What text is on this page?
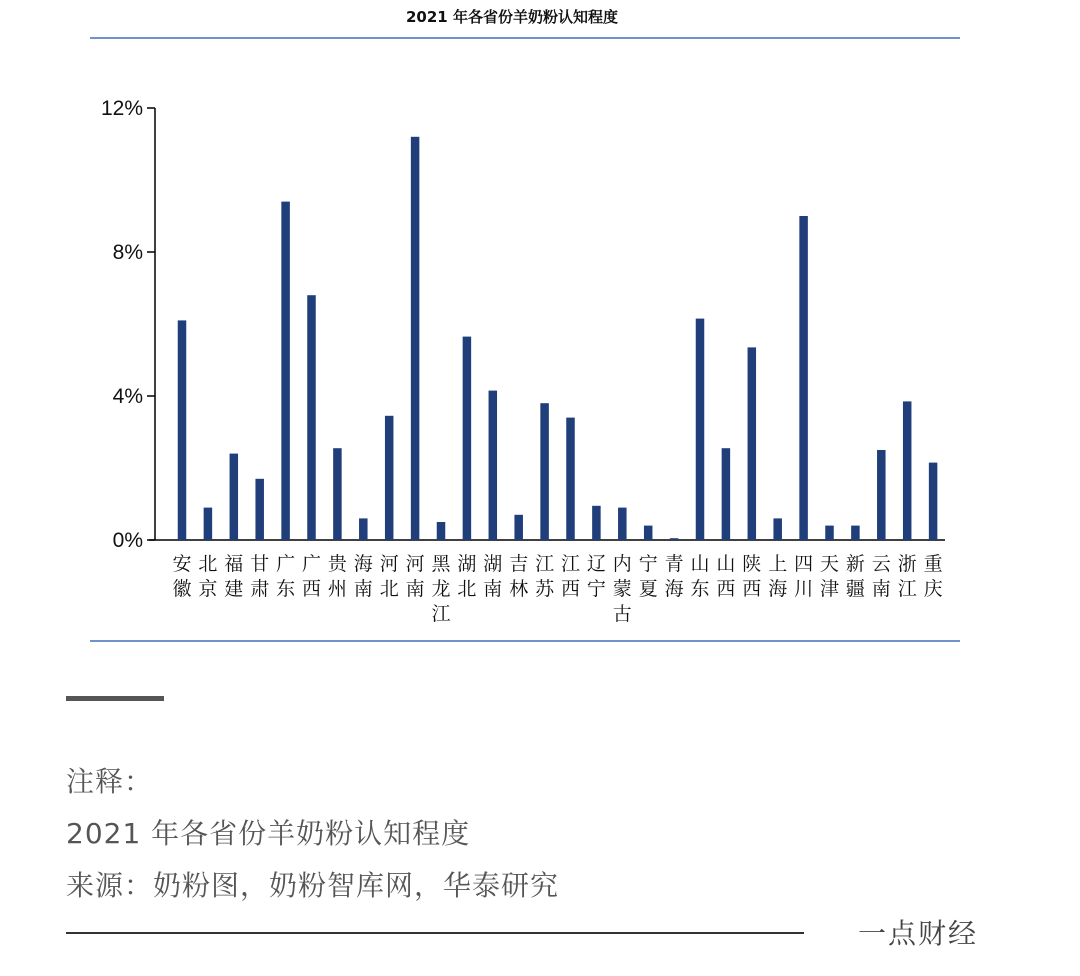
2021 年各省份羊奶粉认知程度
12%
8%
4%
0%
安
徽
北
京
福
建
甘
肃
广
东
广
西
贵
州
海
南
河
北
河
南
黑
龙
江
湖
北
湖
南
吉
林
江
苏
江
西
辽
宁
内
蒙
古
宁
夏
青
海
山
东
山
西
陕
西
上
海
四
川
天
津
新
疆
云
南
浙
江
重
庆
注释：
2021 年各省份羊奶粉认知程度
来源：奶粉图，奶粉智库网，华泰研究
一点财经
